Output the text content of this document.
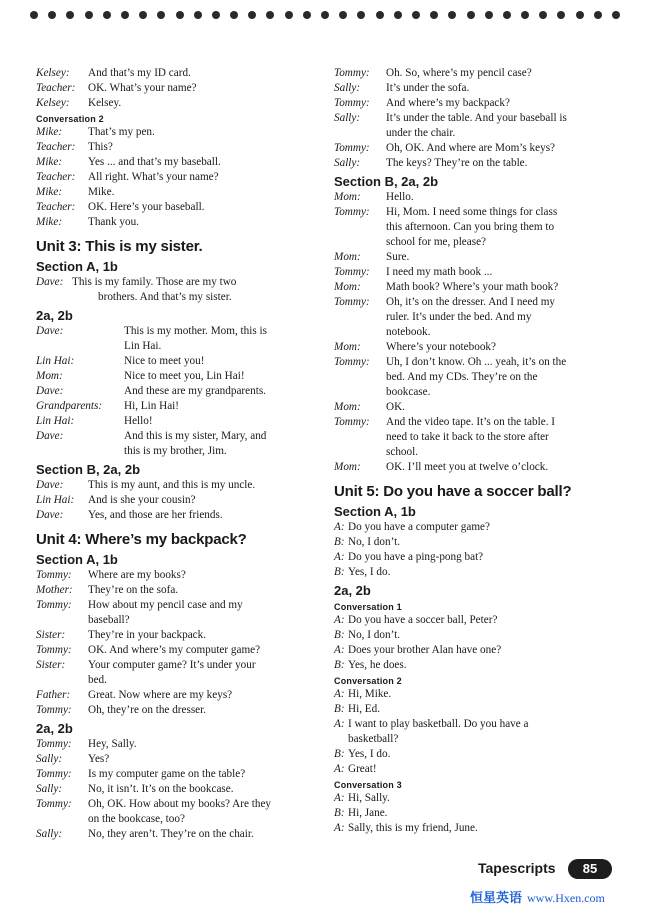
Kelsey:	And that’s my ID card.
Teacher:	OK. What’s your name?
Kelsey:	Kelsey.
Conversation 2
Mike:	That’s my pen.
Teacher:	This?
Mike:	Yes ... and that’s my baseball.
Teacher:	All right. What’s your name?
Mike:	Mike.
Teacher:	OK. Here’s your baseball.
Mike:	Thank you.
Unit 3: This is my sister.
Section A, 1b
Dave: This is my family. Those are my two
brothers. And that’s my sister.
2a, 2b
Dave:	This is my mother. Mom, this is
Lin Hai.
Lin Hai:	Nice to meet you!
Mom:	Nice to meet you, Lin Hai!
Dave:	And these are my grandparents.
Grandparents:	Hi, Lin Hai!
Lin Hai:	Hello!
Dave:	And this is my sister, Mary, and
this is my brother, Jim.
Section B, 2a, 2b
Dave:	This is my aunt, and this is my uncle.
Lin Hai:	And is she your cousin?
Dave:	Yes, and those are her friends.
Unit 4: Where’s my backpack?
Section A, 1b
Tommy:	Where are my books?
Mother:	They’re on the sofa.
Tommy:	How about my pencil case and my
baseball?
Sister:	They’re in your backpack.
Tommy:	OK. And where’s my computer game?
Sister:	Your computer game? It’s under your
bed.
Father:	Great. Now where are my keys?
Tommy:	Oh, they’re on the dresser.
2a, 2b
Tommy:	Hey, Sally.
Sally:	Yes?
Tommy:	Is my computer game on the table?
Sally:	No, it isn’t. It’s on the bookcase.
Tommy:	Oh, OK. How about my books? Are they
on the bookcase, too?
Sally:	No, they aren’t. They’re on the chair.
Tommy:	Oh. So, where’s my pencil case?
Sally:	It’s under the sofa.
Tommy:	And where’s my backpack?
Sally:	It’s under the table. And your baseball is
under the chair.
Tommy:	Oh, OK. And where are Mom’s keys?
Sally:	The keys? They’re on the table.
Section B, 2a, 2b
Mom:	Hello.
Tommy:	Hi, Mom. I need some things for class
this afternoon. Can you bring them to
school for me, please?
Mom:	Sure.
Tommy:	I need my math book ...
Mom:	Math book? Where’s your math book?
Tommy:	Oh, it’s on the dresser. And I need my
ruler. It’s under the bed. And my
notebook.
Mom:	Where’s your notebook?
Tommy:	Uh, I don’t know. Oh ... yeah, it’s on the
bed. And my CDs. They’re on the
bookcase.
Mom:	OK.
Tommy:	And the video tape. It’s on the table. I
need to take it back to the store after
school.
Mom:	OK. I’ll meet you at twelve o’clock.
Unit 5: Do you have a soccer ball?
Section A, 1b
A: Do you have a computer game?
B: No, I don’t.
A: Do you have a ping-pong bat?
B: Yes, I do.
2a, 2b
Conversation 1
A: Do you have a soccer ball, Peter?
B: No, I don’t.
A: Does your brother Alan have one?
B: Yes, he does.
Conversation 2
A: Hi, Mike.
B: Hi, Ed.
A: I want to play basketball. Do you have a
basketball?
B: Yes, I do.
A: Great!
Conversation 3
A: Hi, Sally.
B: Hi, Jane.
A: Sally, this is my friend, June.
Tapescripts	85
恒星英语 www.Hxen.com
